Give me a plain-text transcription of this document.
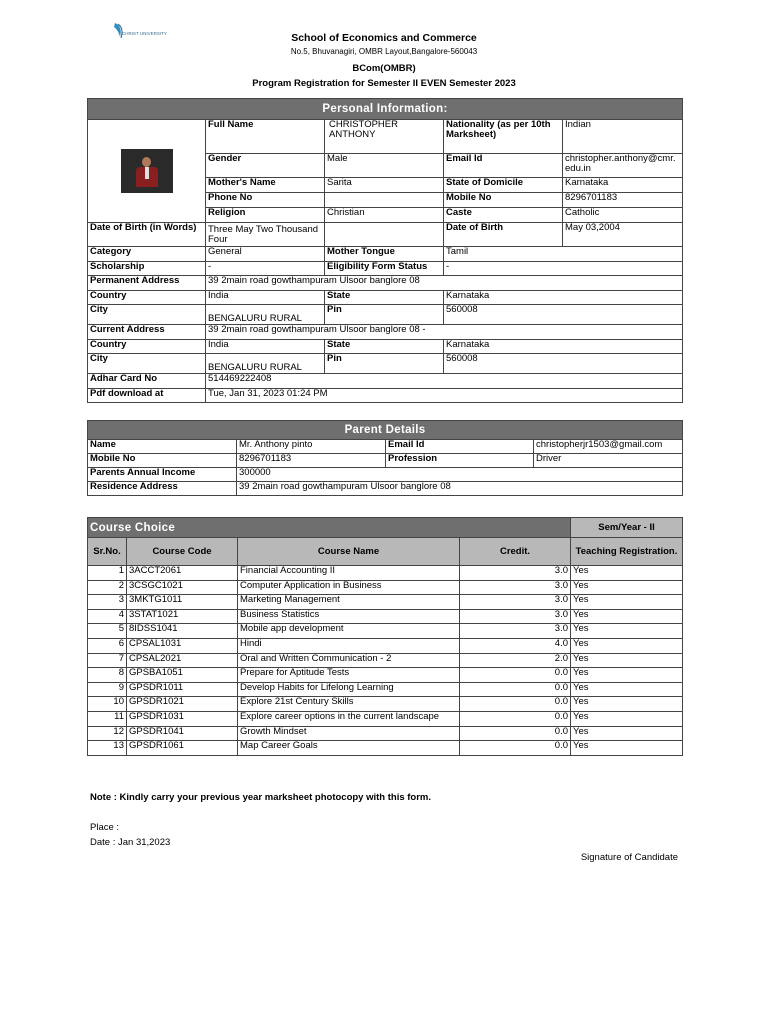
CHRIST UNIVERSITY	School of Economics and Commerce
No.5, Bhuvanagiri, OMBR Layout,Bangalore-560043
BCom(OMBR)
Program Registration for Semester II EVEN Semester 2023
Personal Information:				

	Full Name	CHRISTOPHER ANTHONY	Nationality (as per 10th Marksheet)	Indian
	Gender	Male	Email Id	christopher.anthony@cmr.edu.in
	Mother's Name	Sarita	State of Domicile	Karnataka
	Phone No		Mobile No	8296701183
	Religion	Christian	Caste	Catholic
Date of Birth (in Words)	Three May Two Thousand Four		Date of Birth	May 03,2004
Category	General	Mother Tongue	Tamil	
Scholarship	-	Eligibility Form Status	-	
Permanent Address	39 2main road gowthampuram Ulsoor banglore 08			
Country	India	State	Karnataka	
City	BENGALURU RURAL	Pin	560008	
Current Address	39 2main road gowthampuram Ulsoor banglore 08 -			
Country	India	State	Karnataka	
City	BENGALURU RURAL	Pin	560008	
Adhar Card No	514469222408			
Pdf download at	Tue, Jan 31, 2023 01:24 PM			
Parent Details			
Name	Mr. Anthony pinto	Email Id	christopherjr1503@gmail.com
Mobile No	8296701183	Profession	Driver
Parents Annual Income	300000		
Residence Address	39 2main road gowthampuram Ulsoor banglore 08		
Course Choice				Sem/Year - II
Sr.No.	Course Code	Course Name	Credit.	Teaching Registration.
1	3ACCT2061	Financial Accounting II	3.0	Yes
2	3CSGC1021	Computer Application in Business	3.0	Yes
3	3MKTG1011	Marketing Management	3.0	Yes
4	3STAT1021	Business Statistics	3.0	Yes
5	8IDSS1041	Mobile app development	3.0	Yes
6	CPSAL1031	Hindi	4.0	Yes
7	CPSAL2021	Oral and Written Communication - 2	2.0	Yes
8	GPSBA1051	Prepare for Aptitude Tests	0.0	Yes
9	GPSDR1011	Develop Habits for Lifelong Learning	0.0	Yes
10	GPSDR1021	Explore 21st Century Skills	0.0	Yes
11	GPSDR1031	Explore career options in the current landscape	0.0	Yes
12	GPSDR1041	Growth Mindset	0.0	Yes
13	GPSDR1061	Map Career Goals	0.0	Yes
Note : Kindly carry your previous year marksheet photocopy with this form.
Place :
Date : Jan 31,2023
Signature of Candidate
